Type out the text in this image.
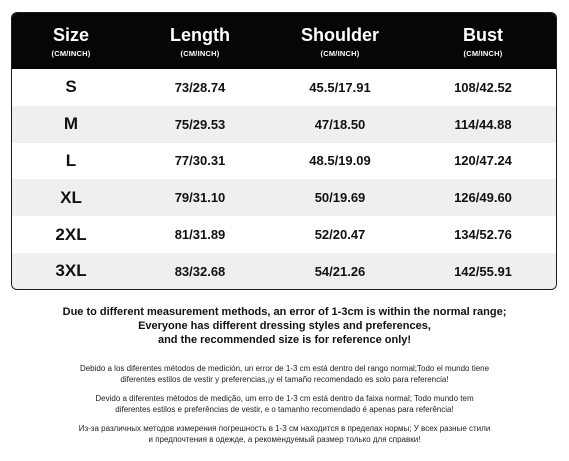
Size
(CM/INCH)
Length
(CM/INCH)
Shoulder
(CM/INCH)
Bust
(CM/INCH)
S	73/28.74	45.5/17.91	108/42.52
M	75/29.53	47/18.50	114/44.88
L	77/30.31	48.5/19.09	120/47.24
XL	79/31.10	50/19.69	126/49.60
2XL	81/31.89	52/20.47	134/52.76
3XL	83/32.68	54/21.26	142/55.91
Due to different measurement methods, an error of 1-3cm is within the normal range;
Everyone has different dressing styles and preferences,
and the recommended size is for reference only!
Debido a los diferentes métodos de medición, un error de 1-3 cm está dentro del rango normal;Todo el mundo tiene
diferentes estilos de vestir y preferencias,¡y el tamaño recomendado es solo para referencia!
Devido a diferentes métodos de medição, um erro de 1-3 cm está dentro da faixa normal; Todo mundo tem
diferentes estilos e preferências de vestir, e o tamanho recomendado é apenas para referência!
Из-за различных методов измерения погрешность в 1-3 см находится в пределах нормы; У всех разные стили
и предпочтения в одежде, а рекомендуемый размер только для справки!
